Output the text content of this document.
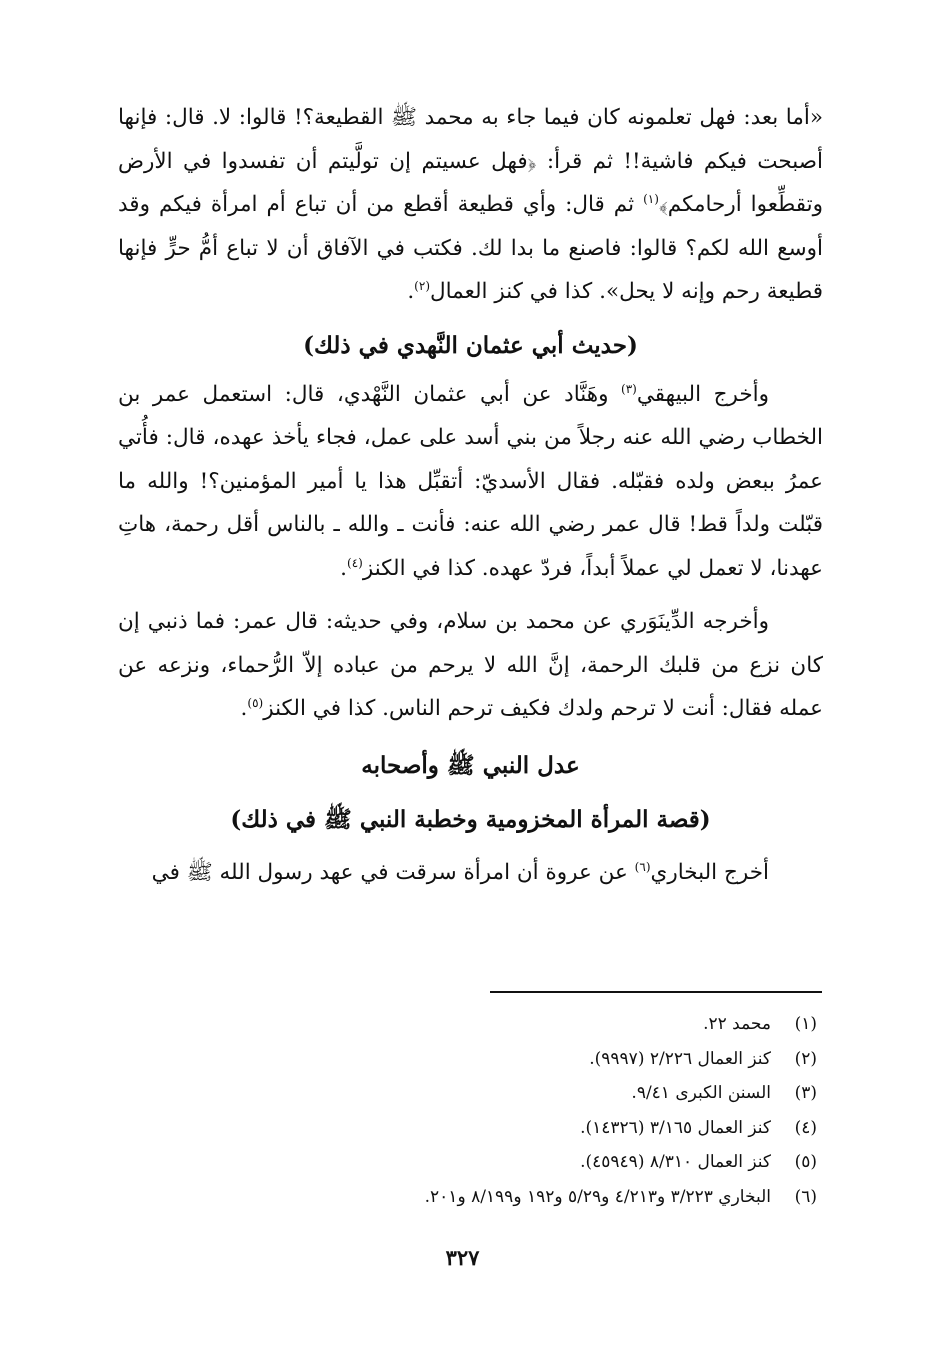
«أما بعد: فهل تعلمونه كان فيما جاء به محمد ﷺ القطيعة؟! قالوا: لا. قال: فإنها أصبحت فيكم فاشية!! ثم قرأ: ﴿فهل عسيتم إن تولَّيتم أن تفسدوا في الأرض وتقطِّعوا أرحامكم﴾$^{(١)}$ ثم قال: وأي قطيعة أقطع من أن تباع أم امرأة فيكم وقد أوسع الله لكم؟ قالوا: فاصنع ما بدا لك. فكتب في الآفاق أن لا تباع أمُّ حرٍّ فإنها قطيعة رحم وإنه لا يحل». كذا في كنز العمال$^{(٢)}$.

(حديث أبي عثمان النَّهدي في ذلك)

وأخرج البيهقي$^{(٣)}$ وهَنَّاد عن أبي عثمان النَّهْدي، قال: استعمل عمر بن الخطاب رضي الله عنه رجلاً من بني أسد على عمل، فجاء يأخذ عهده، قال: فأُتي عمرُ ببعض ولده فقبّله. فقال الأسديّ: أتقبِّل هذا يا أمير المؤمنين؟! والله ما قبّلت ولداً قط! قال عمر رضي الله عنه: فأنت ـ والله ـ بالناس أقل رحمة، هاتِ عهدنا، لا تعمل لي عملاً أبداً، فردّ عهده. كذا في الكنز$^{(٤)}$.

وأخرجه الدِّينَوَري عن محمد بن سلام، وفي حديثه: قال عمر: فما ذنبي إن كان نزع من قلبك الرحمة، إنَّ الله لا يرحم من عباده إلاّ الرُّحماء، ونزعه عن عمله فقال: أنت لا ترحم ولدك فكيف ترحم الناس. كذا في الكنز$^{(٥)}$.

عدل النبي ﷺ وأصحابه
(قصة المرأة المخزومية وخطبة النبي ﷺ في ذلك)

أخرج البخاري$^{(٦)}$ عن عروة أن امرأة سرقت في عهد رسول الله ﷺ في

(١)
محمد ٢٢.
(٢)
كنز العمال ٢/٢٢٦ (٩٩٩٧).
(٣)
السنن الكبرى ٩/٤١.
(٤)
كنز العمال ٣/١٦٥ (١٤٣٢٦).
(٥)
كنز العمال ٨/٣١٠ (٤٥٩٤٩).
(٦)
البخاري ٣/٢٢٣ و٤/٢١٣ و٥/٢٩ و١٩٢ و٨/١٩٩ و٢٠١.
٣٢٧
